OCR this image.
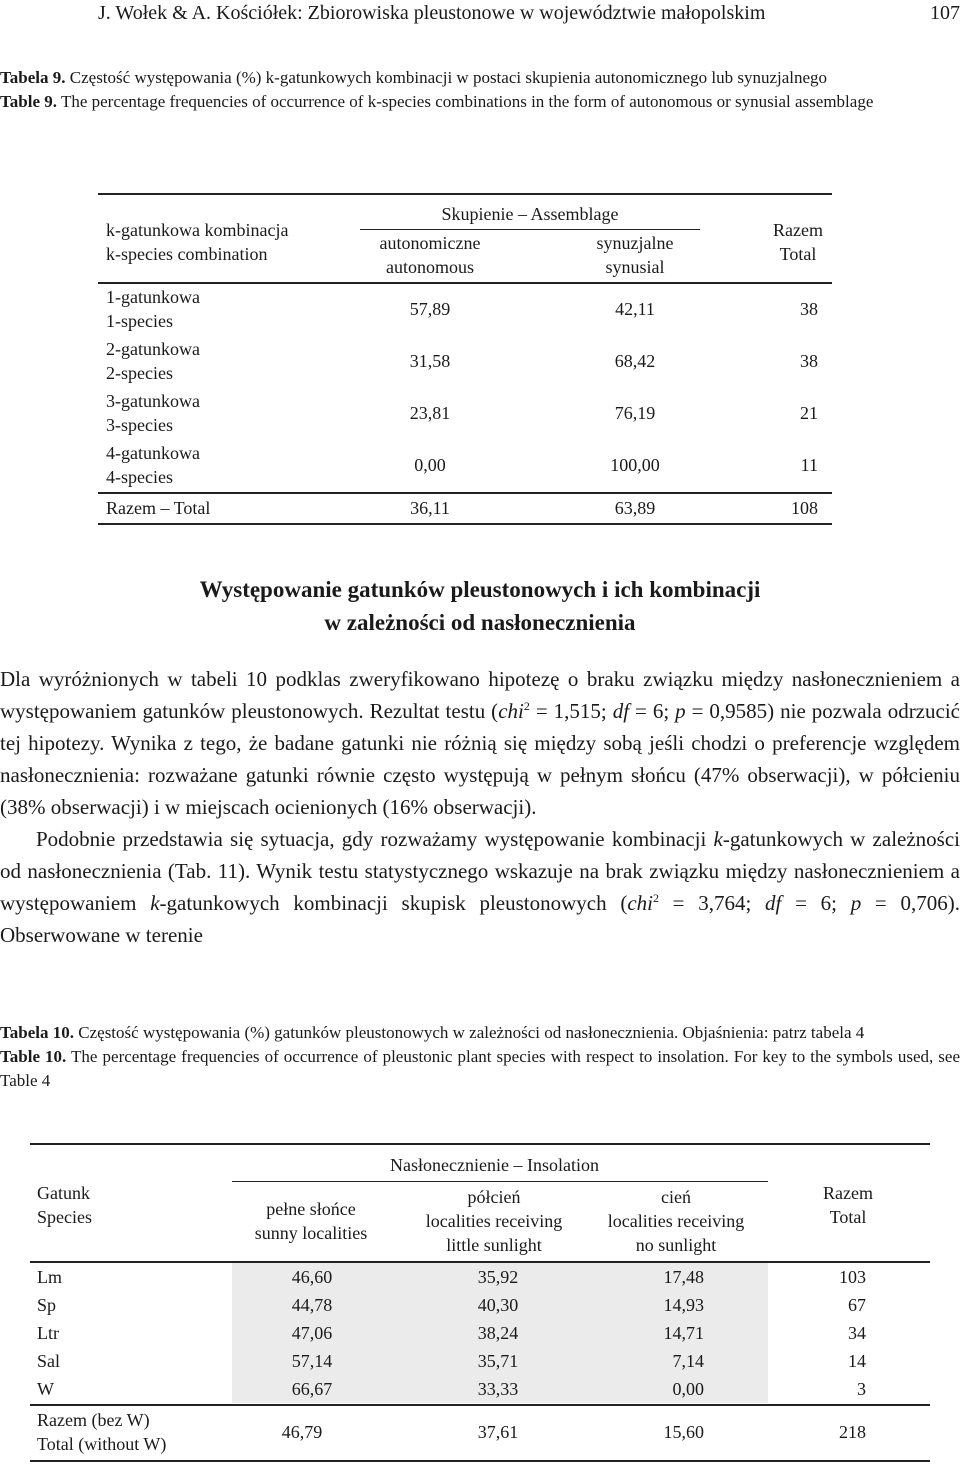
J. Wołek & A. Kościółek: Zbiorowiska pleustonowe w województwie małopolskim	107
Tabela 9. Częstość występowania (%) k-gatunkowych kombinacji w postaci skupienia autonomicznego lub synuzjalnego
Table 9. The percentage frequencies of occurrence of k-species combinations in the form of autonomous or synusial assemblage
k-gatunkowa kombinacja
k-species combination
Skupienie – Assemblage
autonomiczne
autonomous
synuzjalne
synusial
Razem
Total
1-gatunkowa
1-species
57,89	42,11	38
2-gatunkowa
2-species
31,58	68,42	38
3-gatunkowa
3-species
23,81	76,19	21
4-gatunkowa
4-species
0,00	100,00	11
Razem – Total	36,11	63,89	108
Występowanie gatunków pleustonowych i ich kombinacji
w zależności od nasłonecznienia

Dla wyróżnionych w tabeli 10 podklas zweryfikowano hipotezę o braku związku między nasłonecznieniem a występowaniem gatunków pleustonowych. Rezultat testu (chi$^2$ = 1,515; df = 6; p = 0,9585) nie pozwala odrzucić tej hipotezy. Wynika z tego, że badane gatunki nie różnią się między sobą jeśli chodzi o preferencje względem nasłonecznienia: rozważane gatunki równie często występują w pełnym słońcu (47% obserwacji), w półcieniu (38% obserwacji) i w miejscach ocienionych (16% obserwacji).

Podobnie przedstawia się sytuacja, gdy rozważamy występowanie kombinacji k-gatunkowych w zależności od nasłonecznienia (Tab. 11). Wynik testu statystycznego wskazuje na brak związku między nasłonecznieniem a występowaniem k-gatunkowych kombinacji skupisk pleustonowych (chi$^2$ = 3,764; df = 6; p = 0,706). Obserwowane w terenie

Tabela 10. Częstość występowania (%) gatunków pleustonowych w zależności od nasłonecznienia. Objaśnienia: patrz tabela 4
Table 10. The percentage frequencies of occurrence of pleustonic plant species with respect to insolation. For key to the symbols used, see Table 4
Gatunk
Species
Nasłonecznienie – Insolation
pełne słońce
sunny localities
półcień
localities receiving
little sunlight
cień
localities receiving
no sunlight
Razem
Total
Lm	46,60	35,92	17,48	103
Sp	44,78	40,30	14,93	67
Ltr	47,06	38,24	14,71	34
Sal	57,14	35,71	7,14	14
W	66,67	33,33	0,00	3
Razem (bez W)
Total (without W)
46,79	37,61	15,60	218
